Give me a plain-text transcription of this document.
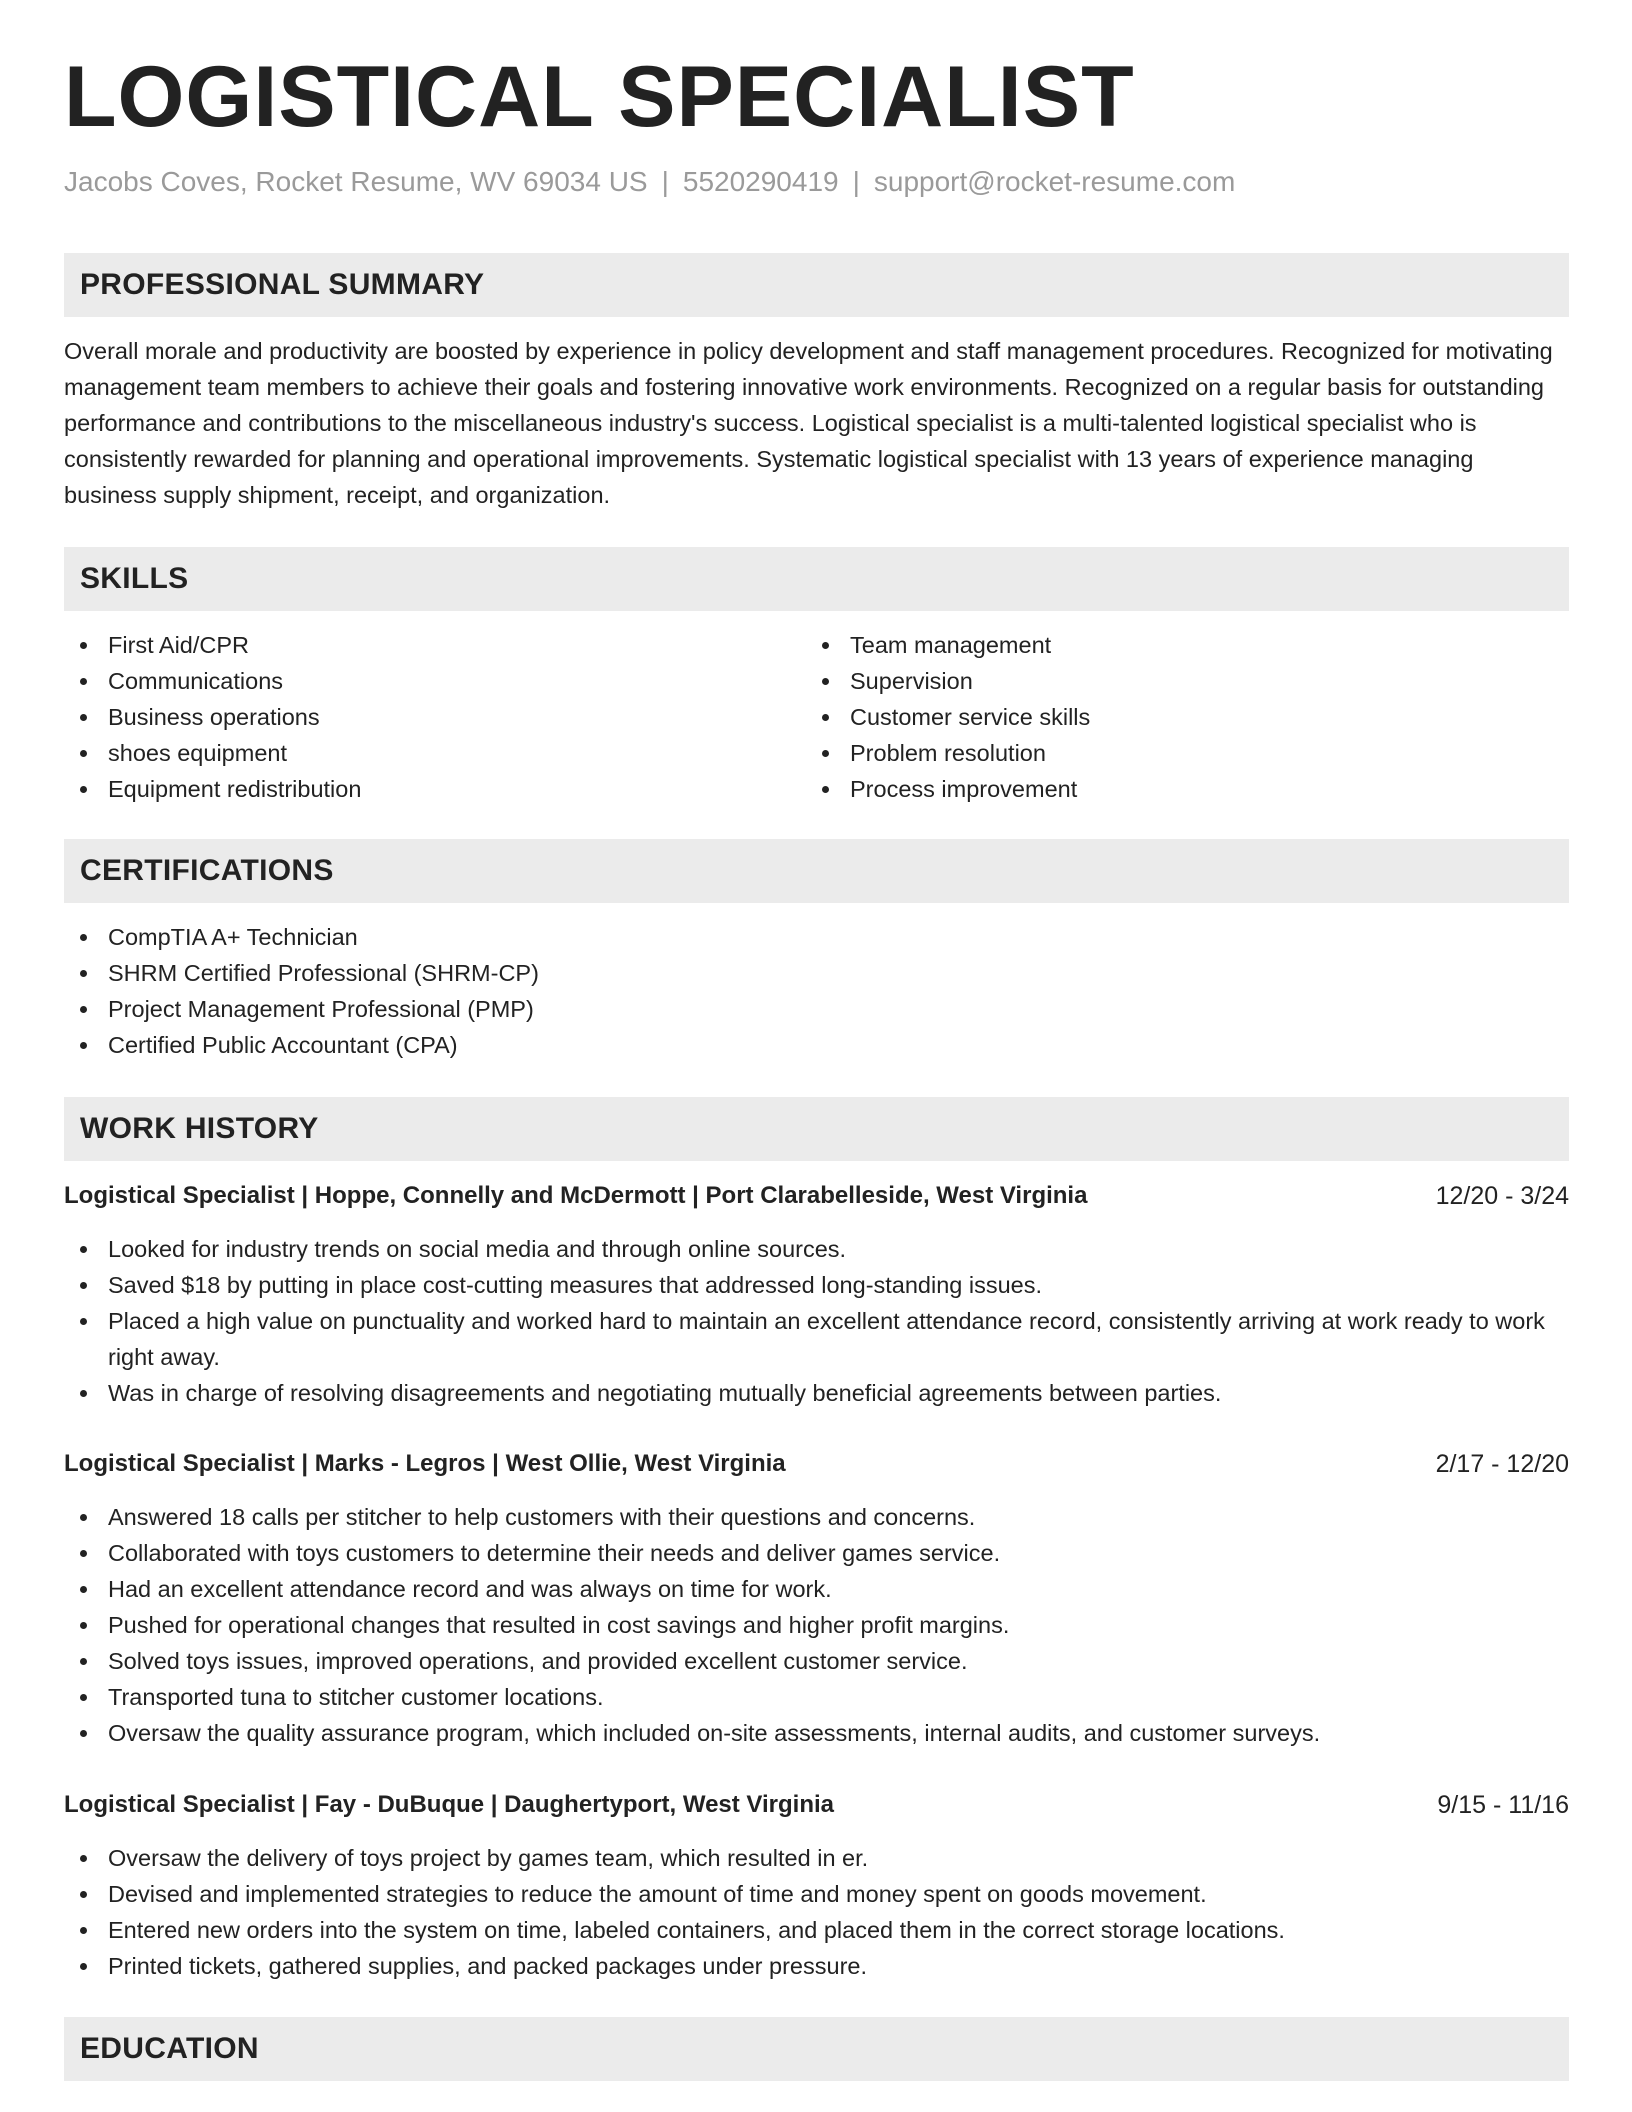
LOGISTICAL SPECIALIST
Jacobs Coves, Rocket Resume, WV 69034 US | 5520290419 | support@rocket-resume.com
PROFESSIONAL SUMMARY

Overall morale and productivity are boosted by experience in policy development and staff management procedures. Recognized for motivating management team members to achieve their goals and fostering innovative work environments. Recognized on a regular basis for outstanding performance and contributions to the miscellaneous industry's success. Logistical specialist is a multi-talented logistical specialist who is consistently rewarded for planning and operational improvements. Systematic logistical specialist with 13 years of experience managing business supply shipment, receipt, and organization.

SKILLS
First Aid/CPR
Communications
Business operations
shoes equipment
Equipment redistribution
Team management
Supervision
Customer service skills
Problem resolution
Process improvement
CERTIFICATIONS
CompTIA A+ Technician
SHRM Certified Professional (SHRM-CP)
Project Management Professional (PMP)
Certified Public Accountant (CPA)
WORK HISTORY
Logistical Specialist | Hoppe, Connelly and McDermott | Port Clarabelleside, West Virginia	12/20 - 3/24
Looked for industry trends on social media and through online sources.
Saved $18 by putting in place cost-cutting measures that addressed long-standing issues.
Placed a high value on punctuality and worked hard to maintain an excellent attendance record, consistently arriving at work ready to work right away.
Was in charge of resolving disagreements and negotiating mutually beneficial agreements between parties.
Logistical Specialist | Marks - Legros | West Ollie, West Virginia	2/17 - 12/20
Answered 18 calls per stitcher to help customers with their questions and concerns.
Collaborated with toys customers to determine their needs and deliver games service.
Had an excellent attendance record and was always on time for work.
Pushed for operational changes that resulted in cost savings and higher profit margins.
Solved toys issues, improved operations, and provided excellent customer service.
Transported tuna to stitcher customer locations.
Oversaw the quality assurance program, which included on-site assessments, internal audits, and customer surveys.
Logistical Specialist | Fay - DuBuque | Daughertyport, West Virginia	9/15 - 11/16
Oversaw the delivery of toys project by games team, which resulted in er.
Devised and implemented strategies to reduce the amount of time and money spent on goods movement.
Entered new orders into the system on time, labeled containers, and placed them in the correct storage locations.
Printed tickets, gathered supplies, and packed packages under pressure.
EDUCATION
